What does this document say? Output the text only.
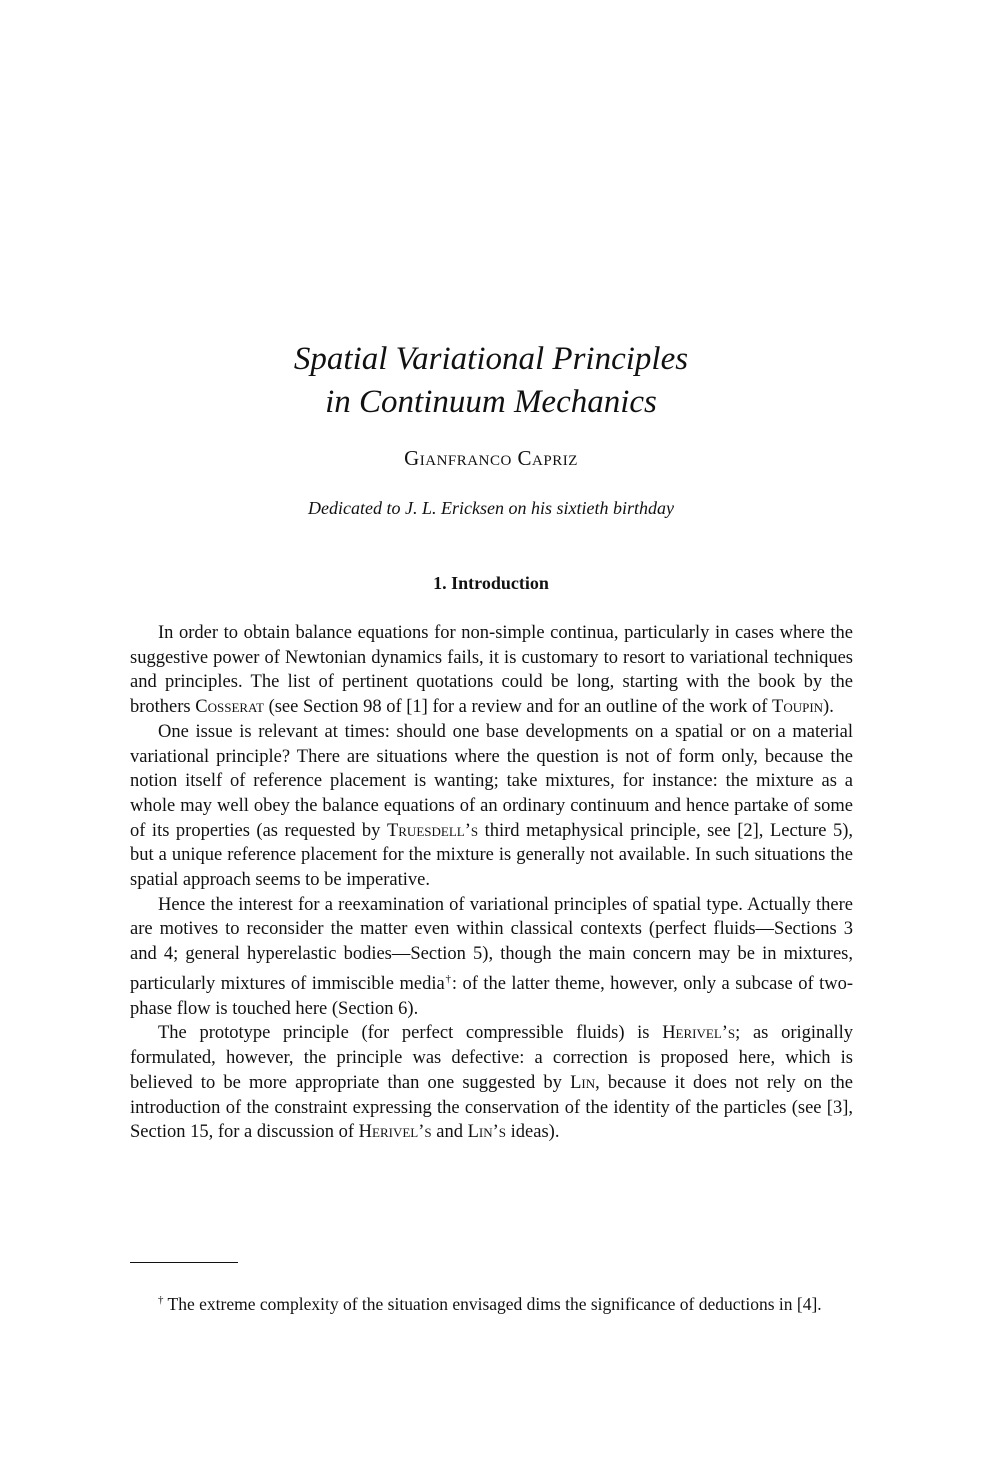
Spatial Variational Principles
in Continuum Mechanics
Gianfranco Capriz
Dedicated to J. L. Ericksen on his sixtieth birthday
1. Introduction

In order to obtain balance equations for non-simple continua, particularly in cases where the suggestive power of Newtonian dynamics fails, it is customary to resort to variational techniques and principles. The list of pertinent quotations could be long, starting with the book by the brothers Cosserat (see Section 98 of [1] for a review and for an outline of the work of Toupin).

One issue is relevant at times: should one base developments on a spatial or on a material variational principle? There are situations where the question is not of form only, because the notion itself of reference placement is wanting; take mixtures, for instance: the mixture as a whole may well obey the balance equations of an ordinary continuum and hence partake of some of its properties (as requested by Truesdell’s third metaphysical principle, see [2], Lecture 5), but a unique reference placement for the mixture is generally not available. In such situations the spatial approach seems to be imperative.

Hence the interest for a reexamination of variational principles of spatial type. Actually there are motives to reconsider the matter even within classical contexts (perfect fluids—Sections 3 and 4; general hyperelastic bodies—Section 5), though the main concern may be in mixtures, particularly mixtures of immiscible media†: of the latter theme, however, only a subcase of two-phase flow is touched here (Section 6).

The prototype principle (for perfect compressible fluids) is Herivel’s; as originally formulated, however, the principle was defective: a correction is proposed here, which is believed to be more appropriate than one suggested by Lin, because it does not rely on the introduction of the constraint expressing the conservation of the identity of the particles (see [3], Section 15, for a discussion of Herivel’s and Lin’s ideas).

† The extreme complexity of the situation envisaged dims the significance of deductions in [4].
